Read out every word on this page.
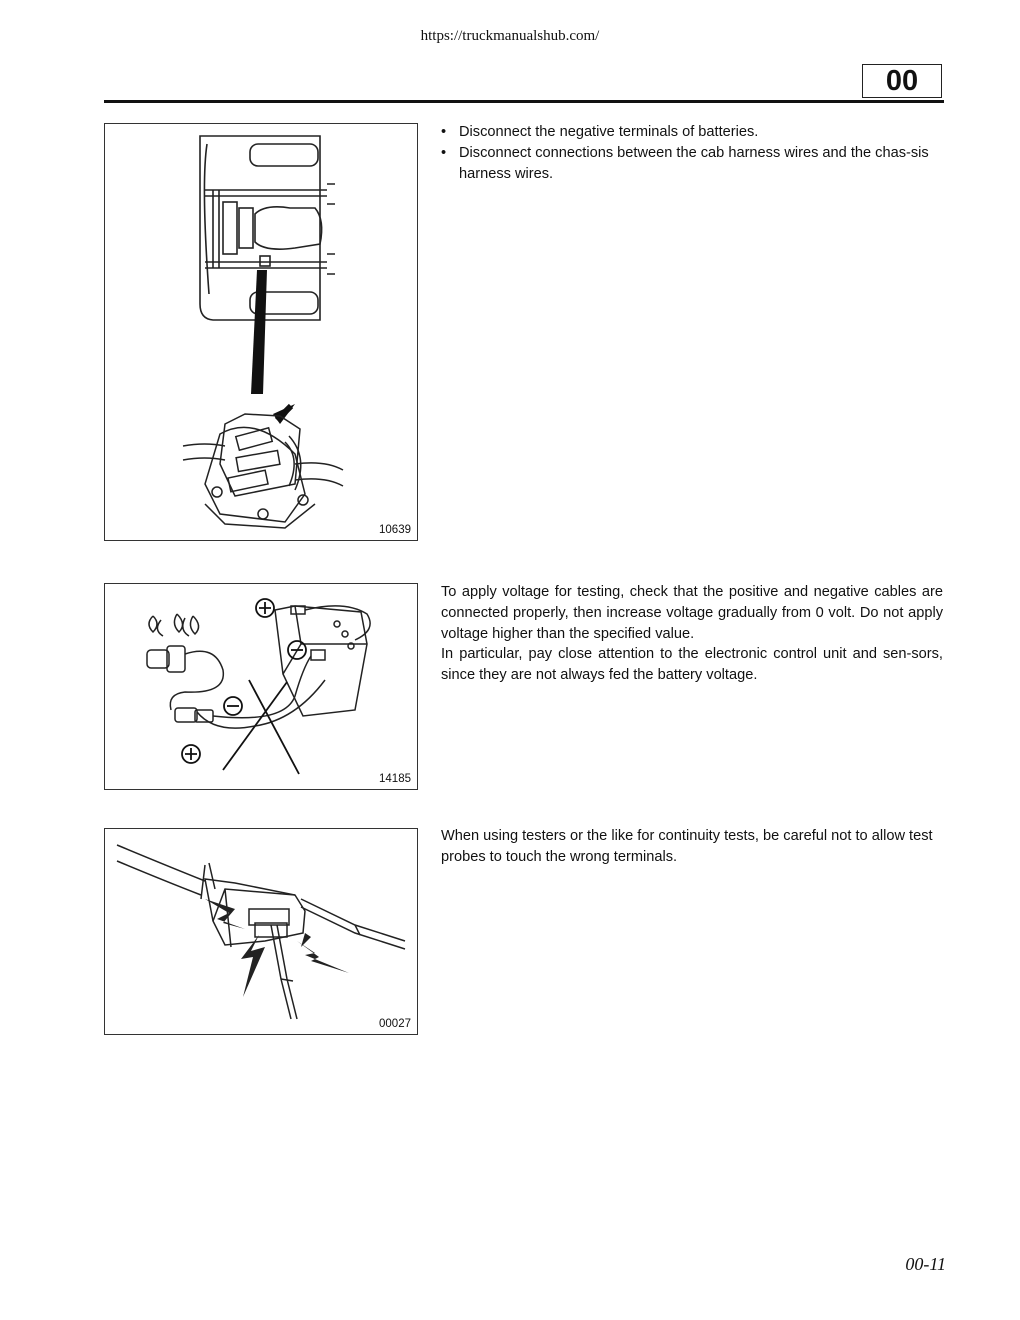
https://truckmanualshub.com/
00
10639
• Disconnect the negative terminals of batteries.
• Disconnect connections between the cab harness wires and the chas-sis harness wires.
14185

To apply voltage for testing, check that the positive and negative cables are connected properly, then increase voltage gradually from 0 volt. Do not apply voltage higher than the specified value.

In particular, pay close attention to the electronic control unit and sen-sors, since they are not always fed the battery voltage.

00027

When using testers or the like for continuity tests, be careful not to allow test probes to touch the wrong terminals.

00-11
